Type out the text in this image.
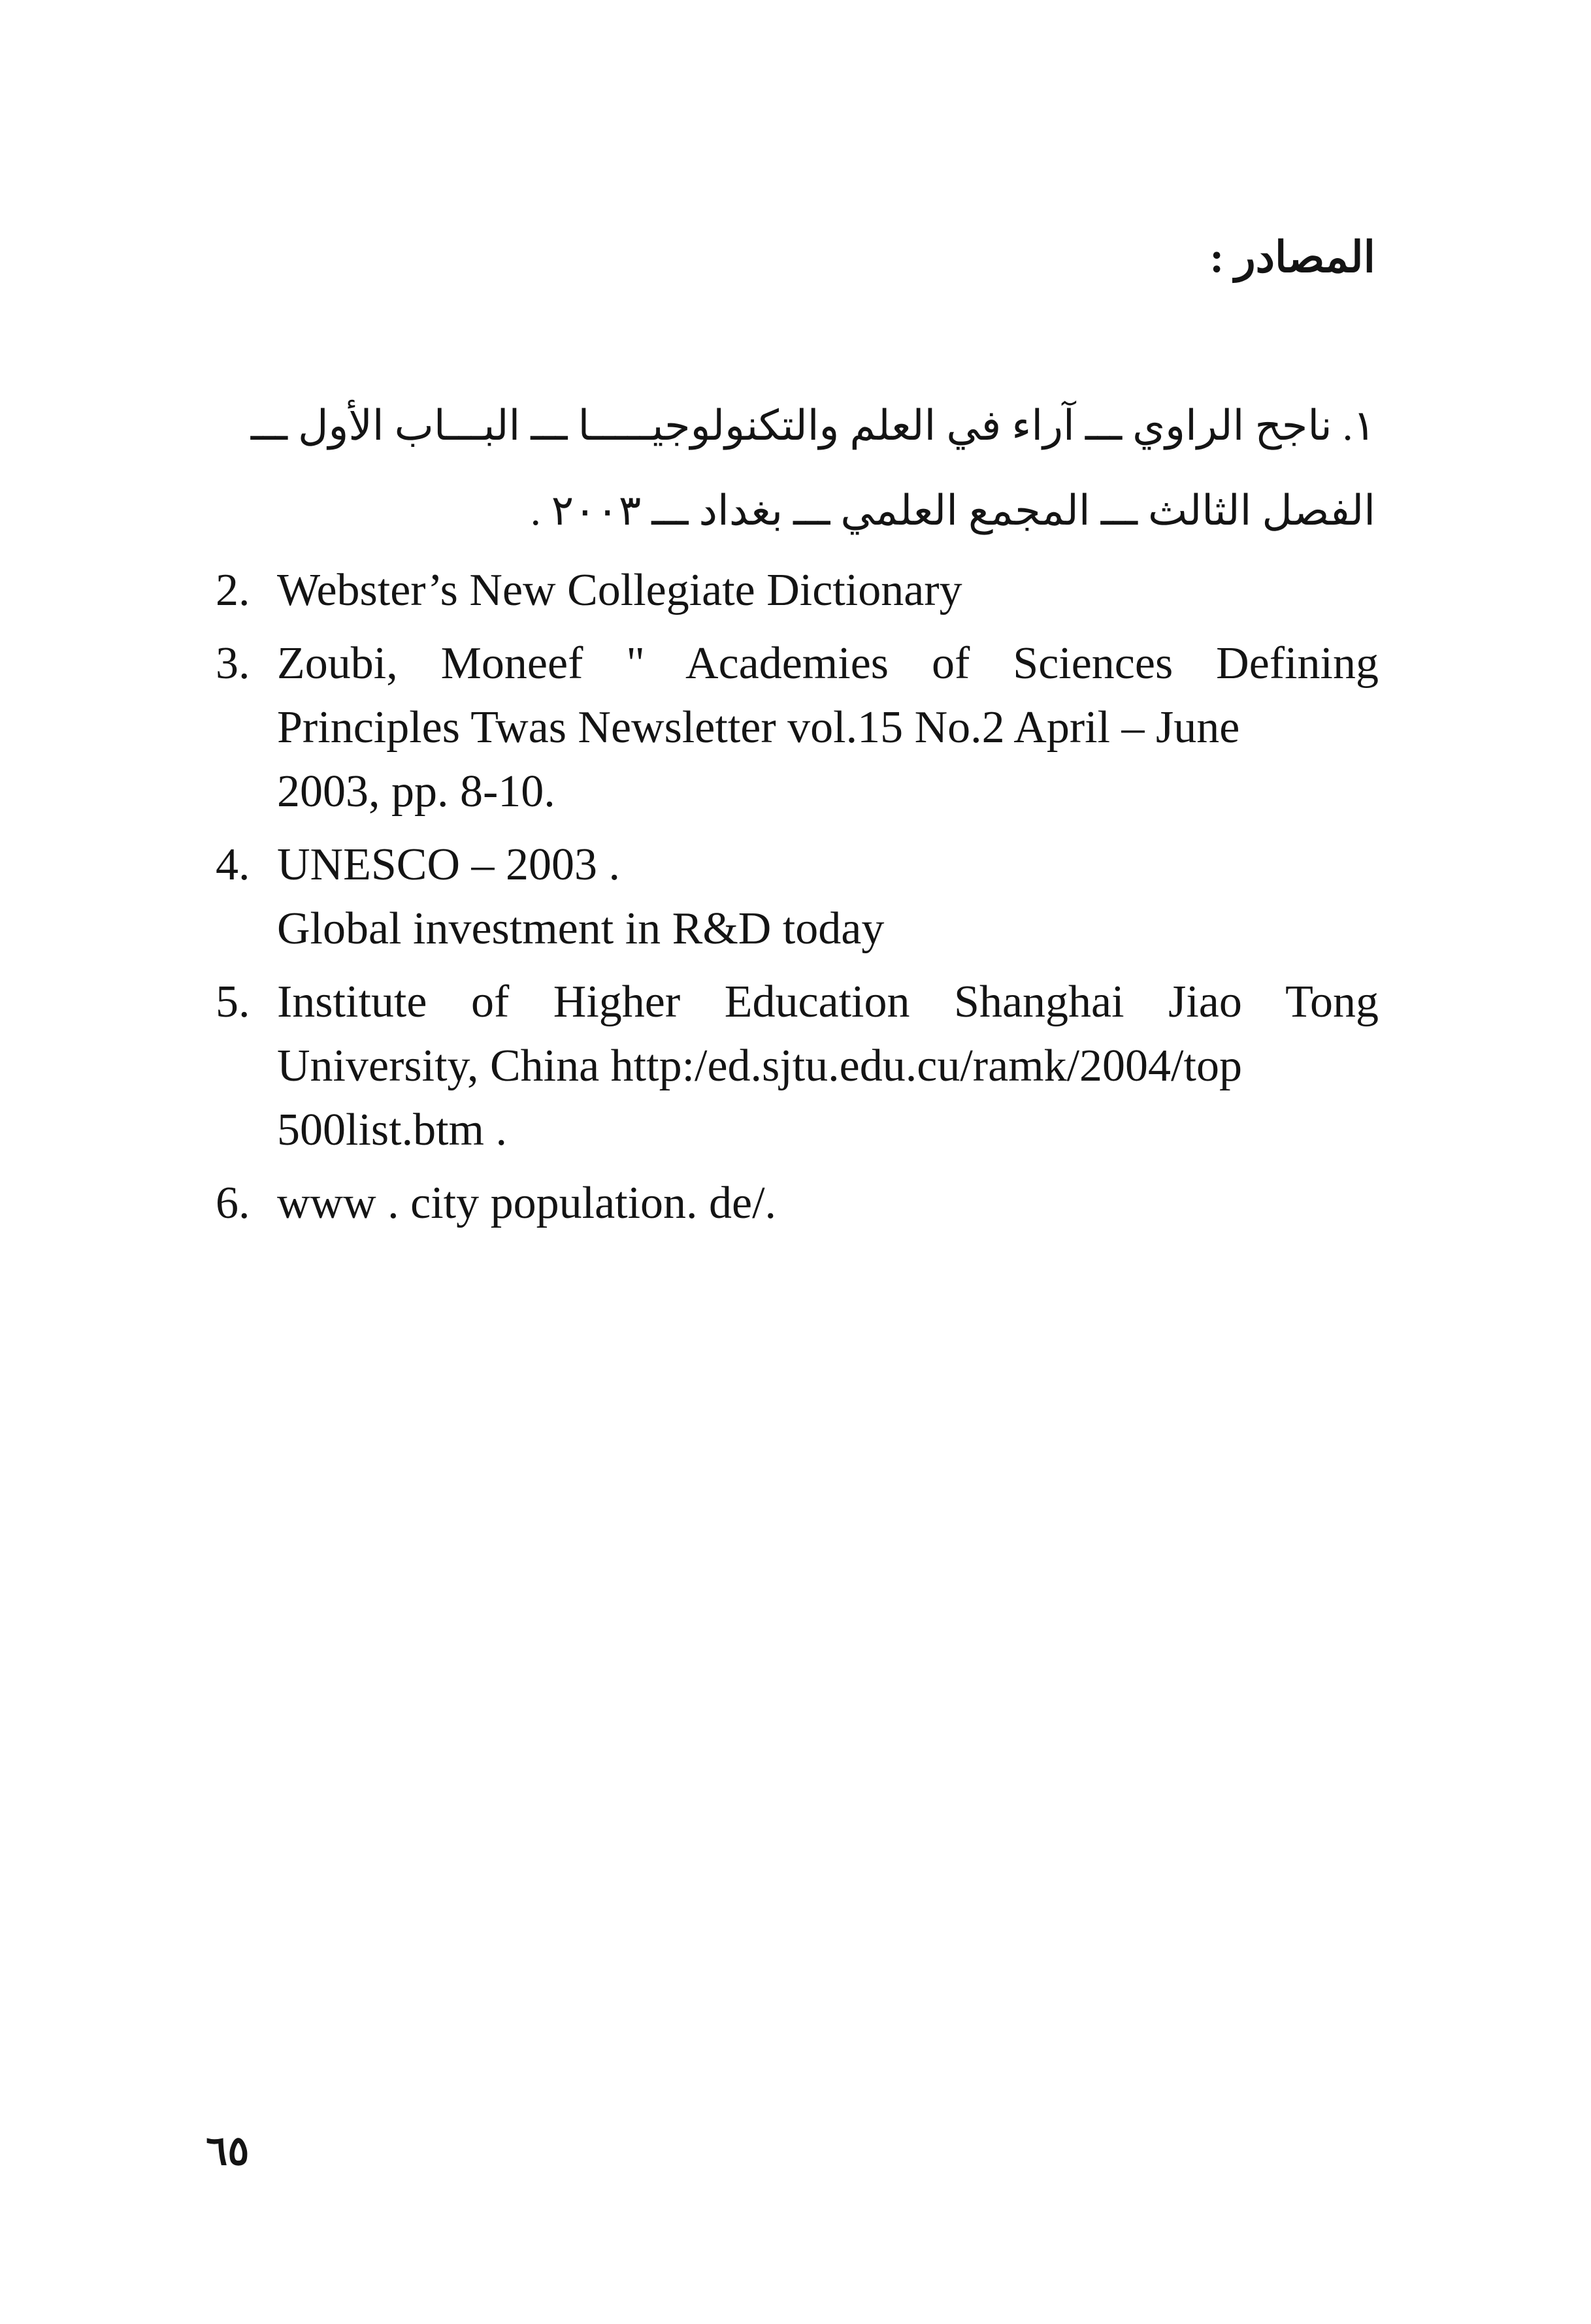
المصادر :
١. ناجح الراوي ـــ آراء في العلم والتكنولوجيـــــا ـــ البـــاب الأول ـــ
الفصل الثالث ـــ المجمع العلمي ـــ بغداد ـــ ٢٠٠٣ .
2. Webster’s New Collegiate Dictionary
3. Zoubi, Moneef " Academies of Sciences Defining
Principles Twas Newsletter vol.15 No.2 April – June
2003, pp. 8-10.
4. UNESCO – 2003 .
Global investment in R&D today
5. Institute of Higher Education Shanghai Jiao Tong
University, China http:/ed.sjtu.edu.cu/ramk/2004/top
500list.btm .
6. www . city population. de/.
٦٥
